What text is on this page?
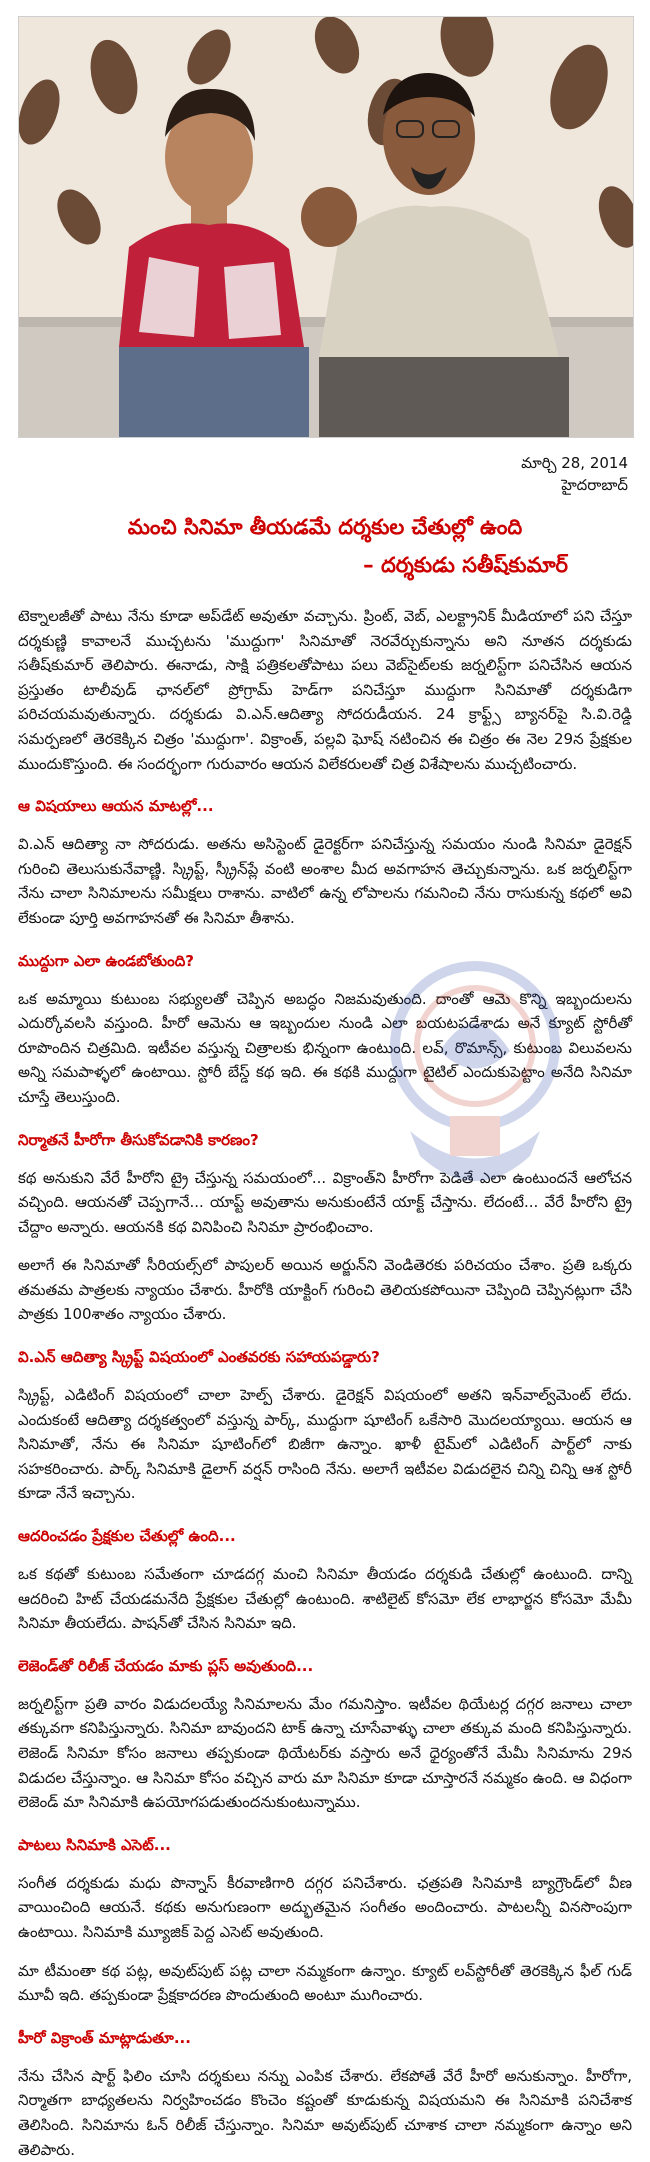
మార్చి 28, 2014
హైదరాబాద్
మంచి సినిమా తీయడమే దర్శకుల చేతుల్లో ఉంది
– దర్శకుడు సతీష్‌కుమార్

టెక్నాలజీతో పాటు నేను కూడా అప్‌డేట్ అవుతూ వచ్చాను. ప్రింట్, వెబ్, ఎలక్ట్రానిక్ మీడియాలో పని చేస్తూ దర్శకుణ్ణి కావాలనే ముచ్చటను 'ముద్దుగా' సినిమాతో నెరవేర్చుకున్నాను అని నూతన దర్శకుడు సతీష్‌కుమార్ తెలిపారు. ఈనాడు, సాక్షి పత్రికలతోపాటు పలు వెబ్‌సైట్‌లకు జర్నలిస్ట్‌గా పనిచేసిన ఆయన ప్రస్తుతం టాలీవుడ్ ఛానల్‌లో ప్రోగ్రామ్ హెడ్‌గా పనిచేస్తూ ముద్దుగా సినిమాతో దర్శకుడిగా పరిచయమవుతున్నారు. దర్శకుడు వి.ఎన్.ఆదిత్యా సోదరుడీయన. 24 క్రాఫ్ట్స్ బ్యానర్‌పై సి.వి.రెడ్డి సమర్పణలో తెరకెక్కిన చిత్రం 'ముద్దుగా'. విక్రాంత్, పల్లవి ఘోష్ నటించిన ఈ చిత్రం ఈ నెల 29న ప్రేక్షకుల ముందుకొస్తుంది. ఈ సందర్భంగా గురువారం ఆయన విలేకరులతో చిత్ర విశేషాలను ముచ్చటించారు.

ఆ విషయాలు ఆయన మాటల్లో...

వి.ఎన్ ఆదిత్యా నా సోదరుడు. అతను అసిస్టెంట్ డైరెక్టర్‌గా పనిచేస్తున్న సమయం నుండి సినిమా డైరెక్షన్ గురించి తెలుసుకునేవాణ్ణి. స్క్రిప్ట్, స్క్రీన్‌ప్లే వంటి అంశాల మీద అవగాహన తెచ్చుకున్నాను. ఒక జర్నలిస్ట్‌గా నేను చాలా సినిమాలను సమీక్షలు రాశాను. వాటిలో ఉన్న లోపాలను గమనించి నేను రాసుకున్న కథలో అవి లేకుండా పూర్తి అవగాహనతో ఈ సినిమా తీశాను.

ముద్దుగా ఎలా ఉండబోతుంది?

ఒక అమ్మాయి కుటుంబ సభ్యులతో చెప్పిన అబద్ధం నిజమవుతుంది. దాంతో ఆమె కొన్ని ఇబ్బందులను ఎదుర్కోవలసి వస్తుంది. హీరో ఆమెను ఆ ఇబ్బందుల నుండి ఎలా బయటపడేశాడు అనే క్యూట్ స్టోరీతో రూపొందిన చిత్రమిది. ఇటీవల వస్తున్న చిత్రాలకు భిన్నంగా ఉంటుంది. లవ్, రొమాన్స్, కుటుంబ విలువలను అన్ని సమపాళ్ళలో ఉంటాయి. స్టోరీ బేస్డ్ కథ ఇది. ఈ కథకి ముద్దుగా టైటిల్ ఎందుకుపెట్టాం అనేది సినిమా చూస్తే తెలుస్తుంది.

నిర్మాతనే హీరోగా తీసుకోవడానికి కారణం?

కథ అనుకుని వేరే హీరోని ట్రై చేస్తున్న సమయంలో... విక్రాంత్‌ని హీరోగా పెడితే ఎలా ఉంటుందనే ఆలోచన వచ్చింది. ఆయనతో చెప్పగానే... యాప్ట్ అవుతాను అనుకుంటేనే యాక్ట్ చేస్తాను. లేదంటే... వేరే హీరోని ట్రై చేద్దాం అన్నారు. ఆయనకి కథ వినిపించి సినిమా ప్రారంభించాం.

అలాగే ఈ సినిమాతో సీరియల్స్‌లో పాపులర్ అయిన అర్జున్‌ని వెండితెరకు పరిచయం చేశాం. ప్రతి ఒక్కరు తమతమ పాత్రలకు న్యాయం చేశారు. హీరోకి యాక్టింగ్ గురించి తెలియకపోయినా చెప్పింది చెప్పినట్లుగా చేసి పాత్రకు 100శాతం న్యాయం చేశారు.

వి.ఎన్ ఆదిత్యా స్క్రిప్ట్ విషయంలో ఎంతవరకు సహాయపడ్డారు?

స్క్రిప్ట్, ఎడిటింగ్ విషయంలో చాలా హెల్ప్ చేశారు. డైరెక్షన్ విషయంలో అతని ఇన్‌వాల్వ్‌మెంట్ లేదు. ఎందుకంటే ఆదిత్యా దర్శకత్వంలో వస్తున్న పార్క్, ముద్దుగా షూటింగ్ ఒకేసారి మొదలయ్యాయి. ఆయన ఆ సినిమాతో, నేను ఈ సినిమా షూటింగ్‌లో బిజీగా ఉన్నాం. ఖాళీ టైమ్‌లో ఎడిటింగ్ పార్ట్‌లో నాకు సహకరించారు. పార్క్ సినిమాకి డైలాగ్ వర్షన్ రాసింది నేను. అలాగే ఇటీవల విడుదలైన చిన్ని చిన్ని ఆశ స్టోరీ కూడా నేనే ఇచ్చాను.

ఆదరించడం ప్రేక్షకుల చేతుల్లో ఉంది...

ఒక కథతో కుటుంబ సమేతంగా చూడదగ్గ మంచి సినిమా తీయడం దర్శకుడి చేతుల్లో ఉంటుంది. దాన్ని ఆదరించి హిట్ చేయడమనేది ప్రేక్షకుల చేతుల్లో ఉంటుంది. శాటిలైట్ కోసమో లేక లాభార్జన కోసమో మేమీ సినిమా తీయలేదు. పాషన్‌తో చేసిన సినిమా ఇది.

లెజెండ్‌తో రిలీజ్ చేయడం మాకు ప్లస్ అవుతుంది...

జర్నలిస్ట్‌గా ప్రతి వారం విడుదలయ్యే సినిమాలను మేం గమనిస్తాం. ఇటీవల థియేటర్ల దగ్గర జనాలు చాలా తక్కువగా కనిపిస్తున్నారు. సినిమా బావుందని టాక్ ఉన్నా చూసేవాళ్ళు చాలా తక్కువ మంది కనిపిస్తున్నారు. లెజెండ్ సినిమా కోసం జనాలు తప్పకుండా థియేటర్‌కు వస్తారు అనే ధైర్యంతోనే మేమీ సినిమాను 29న విడుదల చేస్తున్నాం. ఆ సినిమా కోసం వచ్చిన వారు మా సినిమా కూడా చూస్తారనే నమ్మకం ఉంది. ఆ విధంగా లెజెండ్ మా సినిమాకి ఉపయోగపడుతుందనుకుంటున్నాము.

పాటలు సినిమాకి ఎసెట్...

సంగీత దర్శకుడు మధు పొన్నాస్ కీరవాణిగారి దగ్గర పనిచేశారు. ఛత్రపతి సినిమాకి బ్యాగ్రౌండ్‌లో వీణ వాయించింది ఆయనే. కథకు అనుగుణంగా అద్భుతమైన సంగీతం అందించారు. పాటలన్నీ వినసొంపుగా ఉంటాయి. సినిమాకి మ్యూజిక్ పెద్ద ఎసెట్ అవుతుంది.

మా టీమంతా కథ పట్ల, అవుట్‌పుట్ పట్ల చాలా నమ్మకంగా ఉన్నాం. క్యూట్ లవ్‌స్టోరీతో తెరకెక్కిన ఫీల్ గుడ్ మూవీ ఇది. తప్పకుండా ప్రేక్షకాదరణ పొందుతుంది అంటూ ముగించారు.

హీరో విక్రాంత్ మాట్లాడుతూ...

నేను చేసిన షార్ట్ ఫిలిం చూసి దర్శకులు నన్ను ఎంపిక చేశారు. లేకపోతే వేరే హీరో అనుకున్నాం. హీరోగా, నిర్మాతగా బాధ్యతలను నిర్వహించడం కొంచెం కష్టంతో కూడుకున్న విషయమని ఈ సినిమాకి పనిచేశాక తెలిసింది. సినిమాను ఓన్ రిలీజ్ చేస్తున్నాం. సినిమా అవుట్‌పుట్ చూశాక చాలా నమ్మకంగా ఉన్నాం అని తెలిపారు.
